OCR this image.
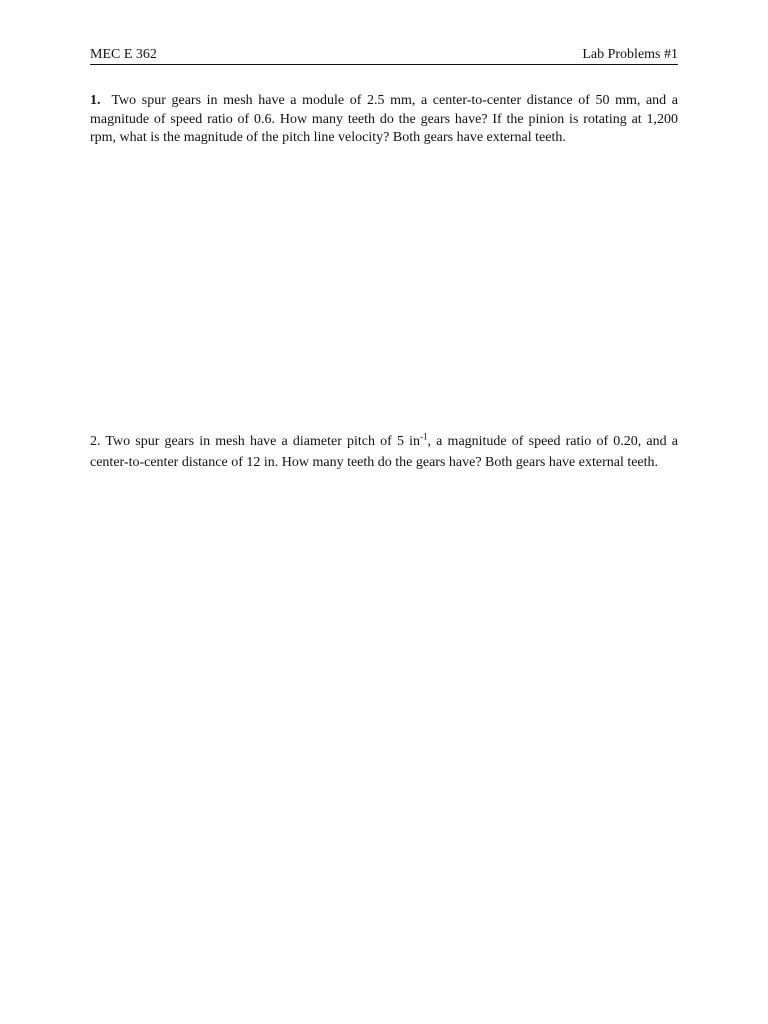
MEC E 362	Lab Problems #1

1. Two spur gears in mesh have a module of 2.5 mm, a center-to-center distance of 50 mm, and a magnitude of speed ratio of 0.6. How many teeth do the gears have? If the pinion is rotating at 1,200 rpm, what is the magnitude of the pitch line velocity? Both gears have external teeth.

2. Two spur gears in mesh have a diameter pitch of 5 $in^{-1}$, a magnitude of speed ratio of 0.20, and a center-to-center distance of 12 in. How many teeth do the gears have? Both gears have external teeth.
